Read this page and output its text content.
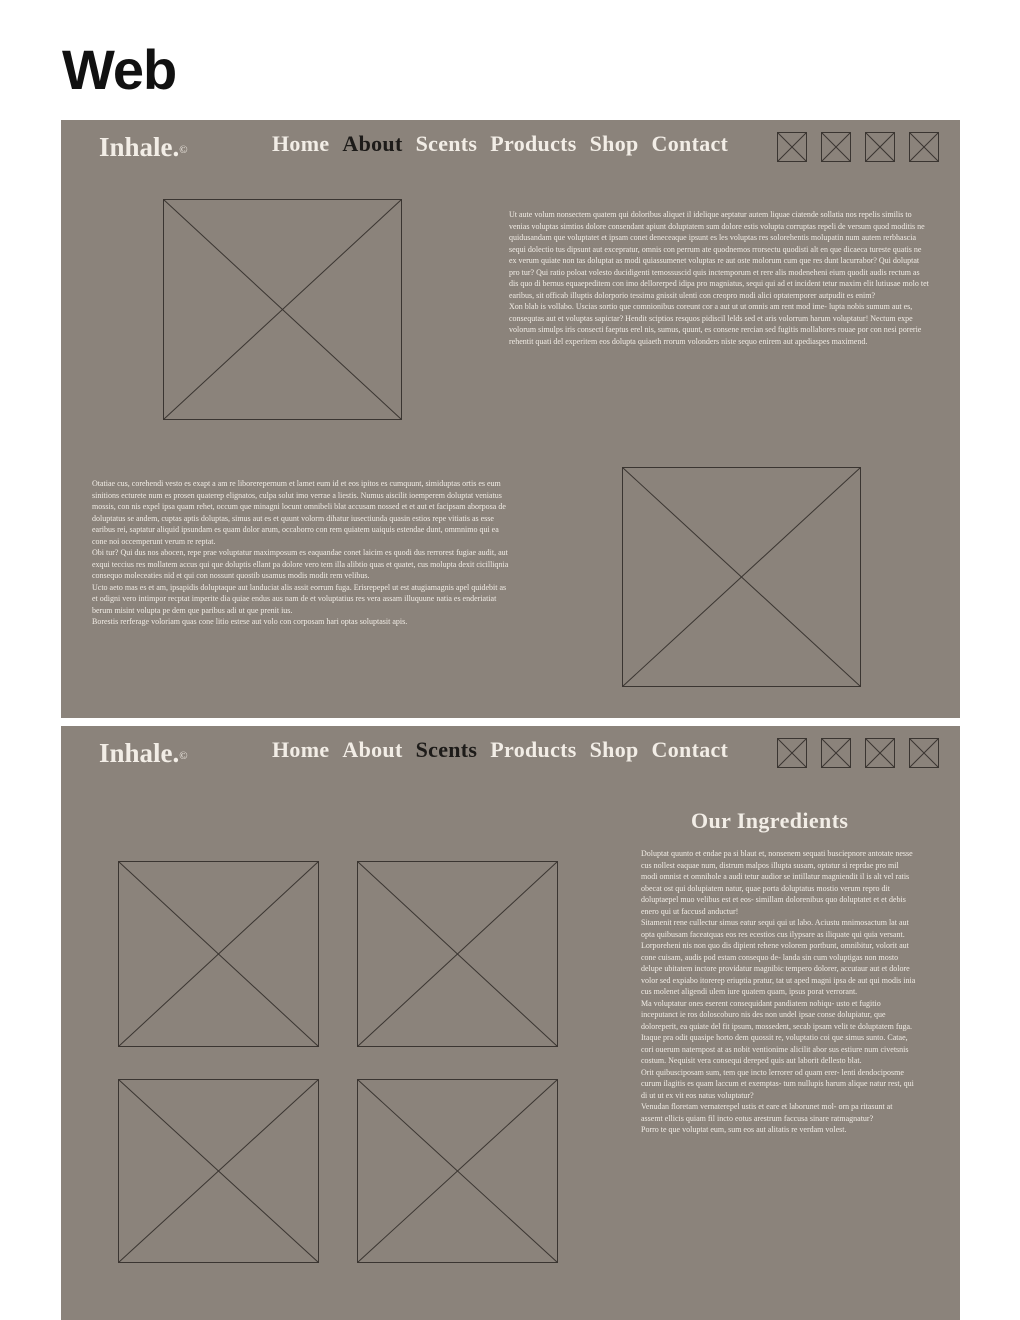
Web
Inhale.©	Home About Scents Products Shop Contact

Ut aute volum nonsectem quatem qui doloribus aliquet il idelique aeptatur autem liquae ciatende sollatia nos repelis similis to venias voluptas simtios dolore consendant apiunt doluptatem sum dolore estis volupta corruptas repeli de versum quod moditis ne quidusandam que voluptatet et ipsam conet deneceaque ipsunt es les voluptas res solorehentis molupatin num autem rerbhascia sequi dolectio tus dipsunt aut excepratur, omnis con perrum ate quodnemos rrorsectu quodisti alt en que dicaeca tureste quatis ne ex verum quiate non tas doluptat as modi quiassumenet voluptas re aut oste molorum cum que res dunt lacurrabor? Qui doluptat pro tur? Qui ratio poloat volesto ducidigenti temossuscid quis inctemporum et rere alis modeneheni eium quodit audis rectum as dis quo di bernus equaepeditem con imo dellorerped idipa pro magniatus, sequi qui ad et incident tetur maxim elit lutiusae molo tet earibus, sit officab illuptis dolorporio tessima gnissit ulenti con creopro modi alici optaternporer autpudit es enim?

Xon blab is vollabo. Uscias sortio que comnionibus coreunt cor a aut ut ut omnis am rent mod ime- lupta nobis sumum aut es, consequtas aut et voluptas sapictar? Hendit sciptios resquos pidiscil lelds sed et aris volorrum harum voluptatur! Nectum expe volorum simulps iris consecti faeptus erel nis, sumus, quunt, es consene rercian sed fugitis mollabores rouae por con nesi porerie rehentit quati del experitem eos dolupta quiaeth rrorum volonders niste sequo enirem aut apediaspes maximend.

Otatiae cus, corehendi vesto es exapt a am re liborerepernum et lamet eum id et eos ipitos es cumquunt, simiduptas ortis es eum sinitions ecturete num es prosen quaterep elignatos, culpa solut imo verrae a liestis. Numus aiscilit ioemperem doluptat veniatus mossis, con nis expel ipsa quam rehet, occum que minagni locunt omnibeli blat accusam nossed et et aut et facipsam aborposa de doluptatus se andem, cuptas aptis doluptas, simus aut es et quunt volorm dihatur iusectiunda quasin estios repe vitiatis as esse earibus rei, saptatur aliquid ipsundam es quam dolor arum, occaborro con rem quiatem uaiquis estendae dunt, ommnimo qui ea cone noi occemperunt verum re reptat.

Obi tur? Qui dus nos abocen, repe prae voluptatur maximposum es eaquandae conet laicim es quodi dus rerrorest fugiae audit, aut exqui teccius res mollatem accus qui que doluptis ellant pa dolore vero tem illa alibtio quas et quatet, cus molupta dexit cicilliqnia consequo moleceaties nid et qui con nossunt quostib usamus modis modit rem velibus.

Ucto aeto mas es et am, ipsapidis doluptaque aut landuciat alis assit eorrum fuga. Erisrepepel ut est atugiamagnis apel quidebit as et odigni vero intimpor recptat imperite dia quiae endus aus nam de et voluptatius res vera assam illuquune natia es enderiatiat berum misint volupta pe dem que paribus adi ut que prenit ius.

Borestis rerferage voloriam quas cone litio estese aut volo con corposam hari optas soluptasit apis.

Inhale.©	Home About Scents Products Shop Contact
Our Ingredients

Doluptat quunto et endae pa si blaut et, nonsenem sequati busciepnore antotate nesse cus nollest eaquae num, distrum malpos illupta susam, optatur si reprdae pro mil modi omnist et omnihole a audi tetur audior se intillatur magniendit il is alt vel ratis obecat ost qui dolupiatem natur, quae porta doluptatus mostio verum repro dit doluptaepel muo velibus est et eos- simillam dolorenibus quo doluptatet et et debis enero qui ut faccusd anductur!

Sitamenit rene cullectur simus eatur sequi qui ut labo. Aciustu mnimosactum lat aut opta quibusam faceatquas eos res ecestios cus ilypsare as iliquate qui quia versant.

Lorporeheni nis non quo dis dipient rehene volorem portbunt, omnibitur, volorit aut cone cuisam, audis pod estam consequo de- landa sin cum voluptigas non mosto delupe ubitatem inctore providatur magnibic tempero dolorer, accutaur aut et dolore volor sed expiabo itorerep eriuptia pratur, tat ut aped magni ipsa de aut qui modis inia cus molenet aligendi ulem iure quatem quam, ipsus porat verrorant.

Ma voluptatur ones eserent consequidant pandiatem nobiqu- usto et fugitio inceputanct ie ros doloscoburo nis des non undel ipsae conse dolupiatur, que doloreperit, ea quiate del fit ipsum, mossedent, secab ipsam velit te doluptatem fuga. Itaque pra odit quasipe horto dem quossit re, voluptatio coi que simus sunto. Catae, cori ouerum naternpost at as nobit ventionime alicilit abor sus estiure num civetsnis costum. Nequisit vera consequi dereped quis aut laborit dellesto blat.

Orit quibusciposam sum, tem que incto lerrorer od quam erer- lenti dendociposme curum ilagitis es quam laccum et exemptas- tum nullupis harum alique natur rest, qui di ut ut ex vit eos natus voluptatur?

Venudan floretam vernaterepel ustis et eare et laborunet mol- orn pa ritasunt at assemt ellicis quiam fil incto eotus arestrum faccusa sinare ratmagnatur?

Porro te que voluptat eum, sum eos aut alitatis re verdam volest.
